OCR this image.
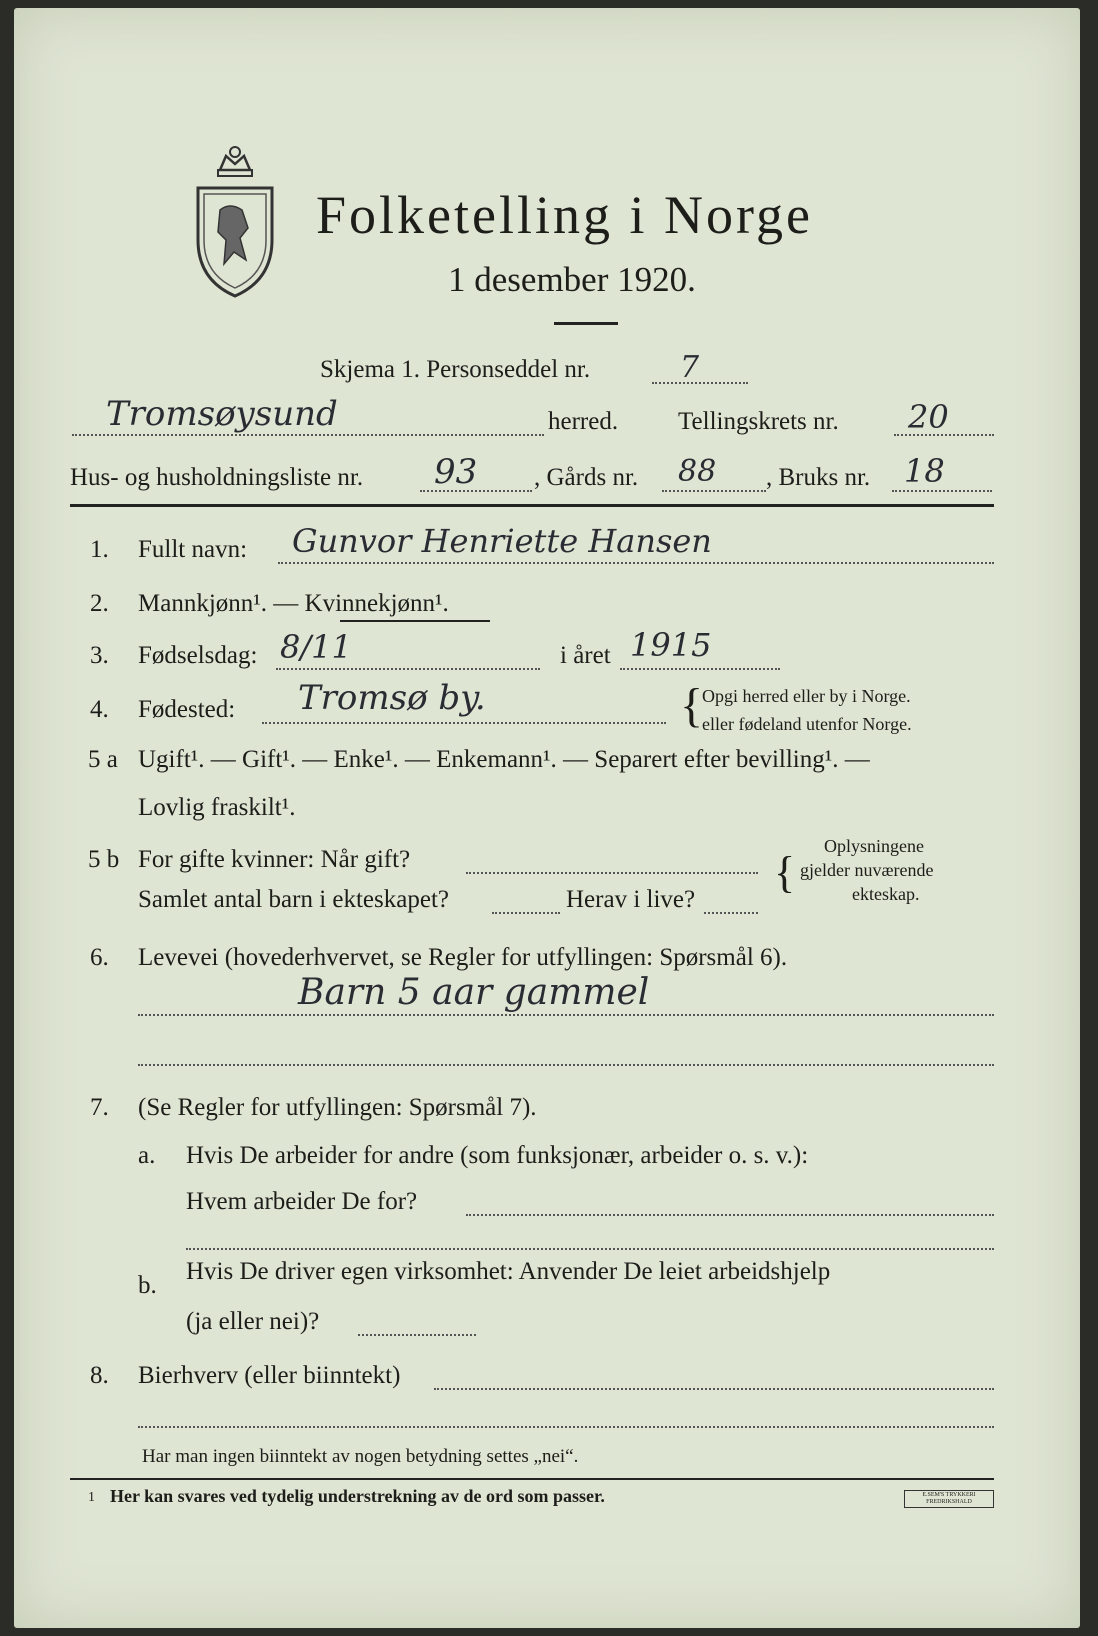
Folketelling i Norge
1 desember 1920.
Skjema 1. Personseddel nr.	7
Tromsøysund	herred. Tellingskrets nr. 20
Hus- og husholdningsliste nr. 93 , Gårds nr. 88 , Bruks nr. 18
1. Fullt navn: Gunvor Henriette Hansen
2. Mannkjønn¹. — Kvinnekjønn¹.
3. Fødselsdag: 8/11	i året 1915
4. Fødested: Tromsø by.	{
Opgi herred eller by i Norge.
eller fødeland utenfor Norge.
5 a Ugift¹. — Gift¹. — Enke¹. — Enkemann¹. — Separert efter bevilling¹. —
Lovlig fraskilt¹.
5 b For gifte kvinner: Når gift?
Samlet antal barn i ekteskapet?	Herav i live?
{
Oplysningene
gjelder nuværende
ekteskap.
6. Levevei (hovederhvervet, se Regler for utfyllingen: Spørsmål 6).
Barn 5 aar gammel
7. (Se Regler for utfyllingen: Spørsmål 7).
a. Hvis De arbeider for andre (som funksjonær, arbeider o. s. v.):
Hvem arbeider De for?
b.
Hvis De driver egen virksomhet: Anvender De leiet arbeidshjelp
(ja eller nei)?
8. Bierhverv (eller biinntekt)
Har man ingen biinntekt av nogen betydning settes „nei“.
1 Her kan svares ved tydelig understrekning av de ord som passer.	E.SEM'S TRYKKERI FREDRIKSHALD
